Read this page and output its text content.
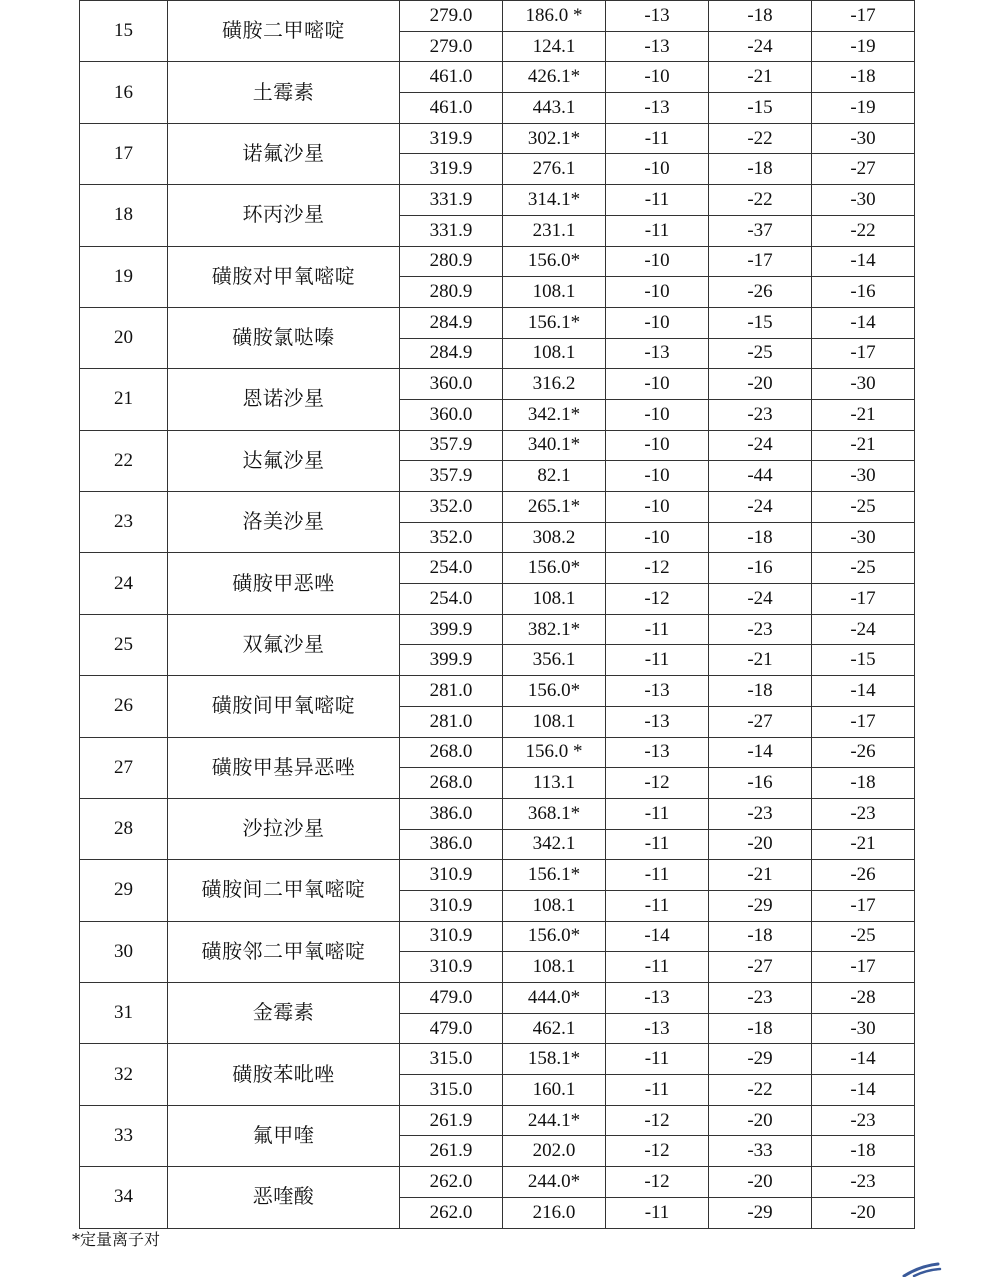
15	磺胺二甲嘧啶	279.0	186.0 *	-13	-18	-17
		279.0	124.1	-13	-24	-19
16	土霉素	461.0	426.1*	-10	-21	-18
		461.0	443.1	-13	-15	-19
17	诺氟沙星	319.9	302.1*	-11	-22	-30
		319.9	276.1	-10	-18	-27
18	环丙沙星	331.9	314.1*	-11	-22	-30
		331.9	231.1	-11	-37	-22
19	磺胺对甲氧嘧啶	280.9	156.0*	-10	-17	-14
		280.9	108.1	-10	-26	-16
20	磺胺氯哒嗪	284.9	156.1*	-10	-15	-14
		284.9	108.1	-13	-25	-17
21	恩诺沙星	360.0	316.2	-10	-20	-30
		360.0	342.1*	-10	-23	-21
22	达氟沙星	357.9	340.1*	-10	-24	-21
		357.9	82.1	-10	-44	-30
23	洛美沙星	352.0	265.1*	-10	-24	-25
		352.0	308.2	-10	-18	-30
24	磺胺甲恶唑	254.0	156.0*	-12	-16	-25
		254.0	108.1	-12	-24	-17
25	双氟沙星	399.9	382.1*	-11	-23	-24
		399.9	356.1	-11	-21	-15
26	磺胺间甲氧嘧啶	281.0	156.0*	-13	-18	-14
		281.0	108.1	-13	-27	-17
27	磺胺甲基异恶唑	268.0	156.0 *	-13	-14	-26
		268.0	113.1	-12	-16	-18
28	沙拉沙星	386.0	368.1*	-11	-23	-23
		386.0	342.1	-11	-20	-21
29	磺胺间二甲氧嘧啶	310.9	156.1*	-11	-21	-26
		310.9	108.1	-11	-29	-17
30	磺胺邻二甲氧嘧啶	310.9	156.0*	-14	-18	-25
		310.9	108.1	-11	-27	-17
31	金霉素	479.0	444.0*	-13	-23	-28
		479.0	462.1	-13	-18	-30
32	磺胺苯吡唑	315.0	158.1*	-11	-29	-14
		315.0	160.1	-11	-22	-14
33	氟甲喹	261.9	244.1*	-12	-20	-23
		261.9	202.0	-12	-33	-18
34	恶喹酸	262.0	244.0*	-12	-20	-23
		262.0	216.0	-11	-29	-20
*定量离子对
